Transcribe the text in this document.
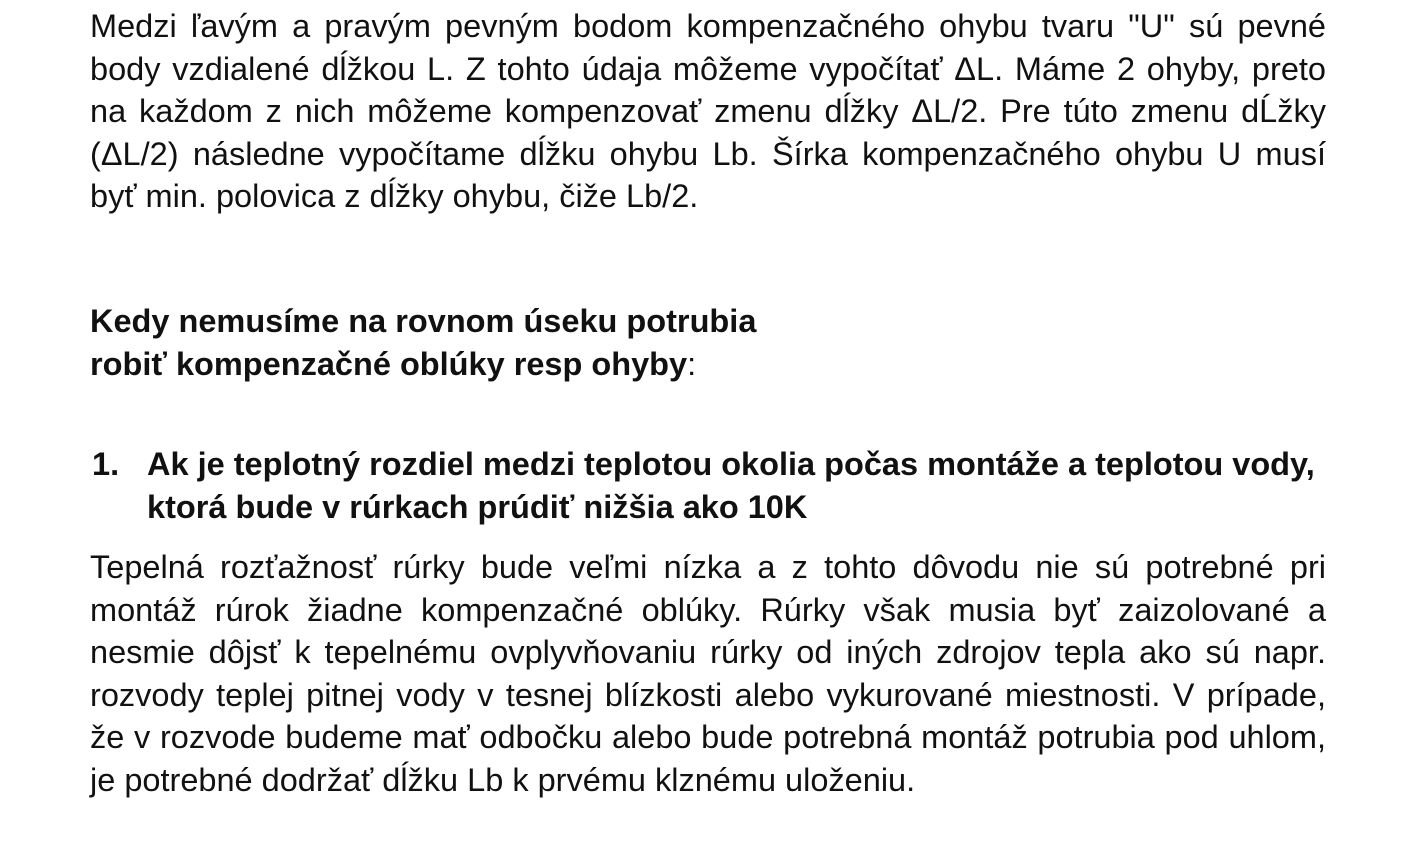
Medzi ľavým a pravým pevným bodom kompenzačného ohybu tvaru "U" sú pevné body vzdialené dĺžkou L. Z tohto údaja môžeme vypočítať ΔL. Máme 2 ohyby, preto na každom z nich môžeme kompenzovať zmenu dĺžky ΔL/2. Pre túto zmenu dĹžky (ΔL/2) následne vypočítame dĺžku ohybu Lb. Šírka kompenzačného ohybu U musí byť min. polovica z dĺžky ohybu, čiže Lb/2.

Kedy nemusíme na rovnom úseku potrubia
robiť kompenzačné oblúky resp ohyby:
1. Ak je teplotný rozdiel medzi teplotou okolia počas montáže a teplotou vody, ktorá bude v rúrkach prúdiť nižšia ako 10K

Tepelná rozťažnosť rúrky bude veľmi nízka a z tohto dôvodu nie sú potrebné pri montáž rúrok žiadne kompenzačné oblúky. Rúrky však musia byť zaizolované a nesmie dôjsť k tepelnému ovplyvňovaniu rúrky od iných zdrojov tepla ako sú napr. rozvody teplej pitnej vody v tesnej blízkosti alebo vykurované miestnosti. V prípade, že v rozvode budeme mať odbočku alebo bude potrebná montáž potrubia pod uhlom, je potrebné dodržať dĺžku Lb k prvému klznému uloženiu.
